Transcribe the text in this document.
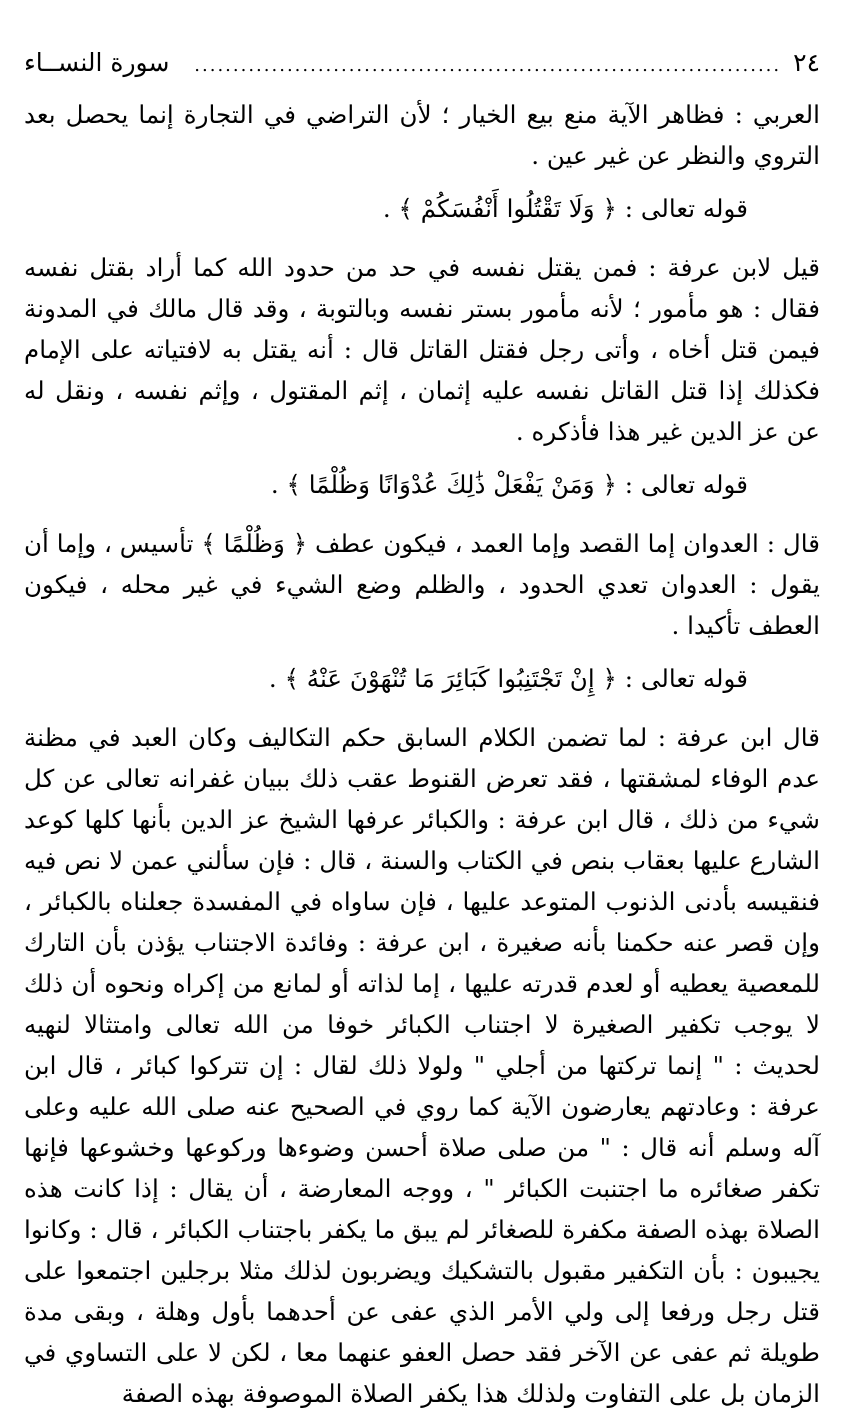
٢٤
............................................................................
سورة النســاء

العربي : فظاهر الآية منع بيع الخيار ؛ لأن التراضي في التجارة إنما يحصل بعد التروي والنظر عن غير عين .

قوله تعالى : ﴿ وَلَا تَقْتُلُوا أَنْفُسَكُمْ ﴾ .

قيل لابن عرفة : فمن يقتل نفسه في حد من حدود الله كما أراد بقتل نفسه فقال : هو مأمور ؛ لأنه مأمور بستر نفسه وبالتوبة ، وقد قال مالك في المدونة فيمن قتل أخاه ، وأتى رجل فقتل القاتل قال : أنه يقتل به لافتياته على الإمام فكذلك إذا قتل القاتل نفسه عليه إثمان ، إثم المقتول ، وإثم نفسه ، ونقل له عن عز الدين غير هذا فأذكره .

قوله تعالى : ﴿ وَمَنْ يَفْعَلْ ذَٰلِكَ عُدْوَانًا وَظُلْمًا ﴾ .

قال : العدوان إما القصد وإما العمد ، فيكون عطف ﴿ وَظُلْمًا ﴾ تأسيس ، وإما أن يقول : العدوان تعدي الحدود ، والظلم وضع الشيء في غير محله ، فيكون العطف تأكيدا .

قوله تعالى : ﴿ إِنْ تَجْتَنِبُوا كَبَائِرَ مَا تُنْهَوْنَ عَنْهُ ﴾ .

قال ابن عرفة : لما تضمن الكلام السابق حكم التكاليف وكان العبد في مظنة عدم الوفاء لمشقتها ، فقد تعرض القنوط عقب ذلك ببيان غفرانه تعالى عن كل شيء من ذلك ، قال ابن عرفة : والكبائر عرفها الشيخ عز الدين بأنها كلها كوعد الشارع عليها بعقاب بنص في الكتاب والسنة ، قال : فإن سألني عمن لا نص فيه فنقيسه بأدنى الذنوب المتوعد عليها ، فإن ساواه في المفسدة جعلناه بالكبائر ، وإن قصر عنه حكمنا بأنه صغيرة ، ابن عرفة : وفائدة الاجتناب يؤذن بأن التارك للمعصية يعطيه أو لعدم قدرته عليها ، إما لذاته أو لمانع من إكراه ونحوه أن ذلك لا يوجب تكفير الصغيرة لا اجتناب الكبائر خوفا من الله تعالى وامتثالا لنهيه لحديث : " إنما تركتها من أجلي " ولولا ذلك لقال : إن تتركوا كبائر ، قال ابن عرفة : وعادتهم يعارضون الآية كما روي في الصحيح عنه صلى الله عليه وعلى آله وسلم أنه قال : " من صلى صلاة أحسن وضوءها وركوعها وخشوعها فإنها تكفر صغائره ما اجتنبت الكبائر " ، ووجه المعارضة ، أن يقال : إذا كانت هذه الصلاة بهذه الصفة مكفرة للصغائر لم يبق ما يكفر باجتناب الكبائر ، قال : وكانوا يجيبون : بأن التكفير مقبول بالتشكيك ويضربون لذلك مثلا برجلين اجتمعوا على قتل رجل ورفعا إلى ولي الأمر الذي عفى عن أحدهما بأول وهلة ، وبقى مدة طويلة ثم عفى عن الآخر فقد حصل العفو عنهما معا ، لكن لا على التساوي في الزمان بل على التفاوت ولذلك هذا يكفر الصلاة الموصوفة بهذه الصفة
